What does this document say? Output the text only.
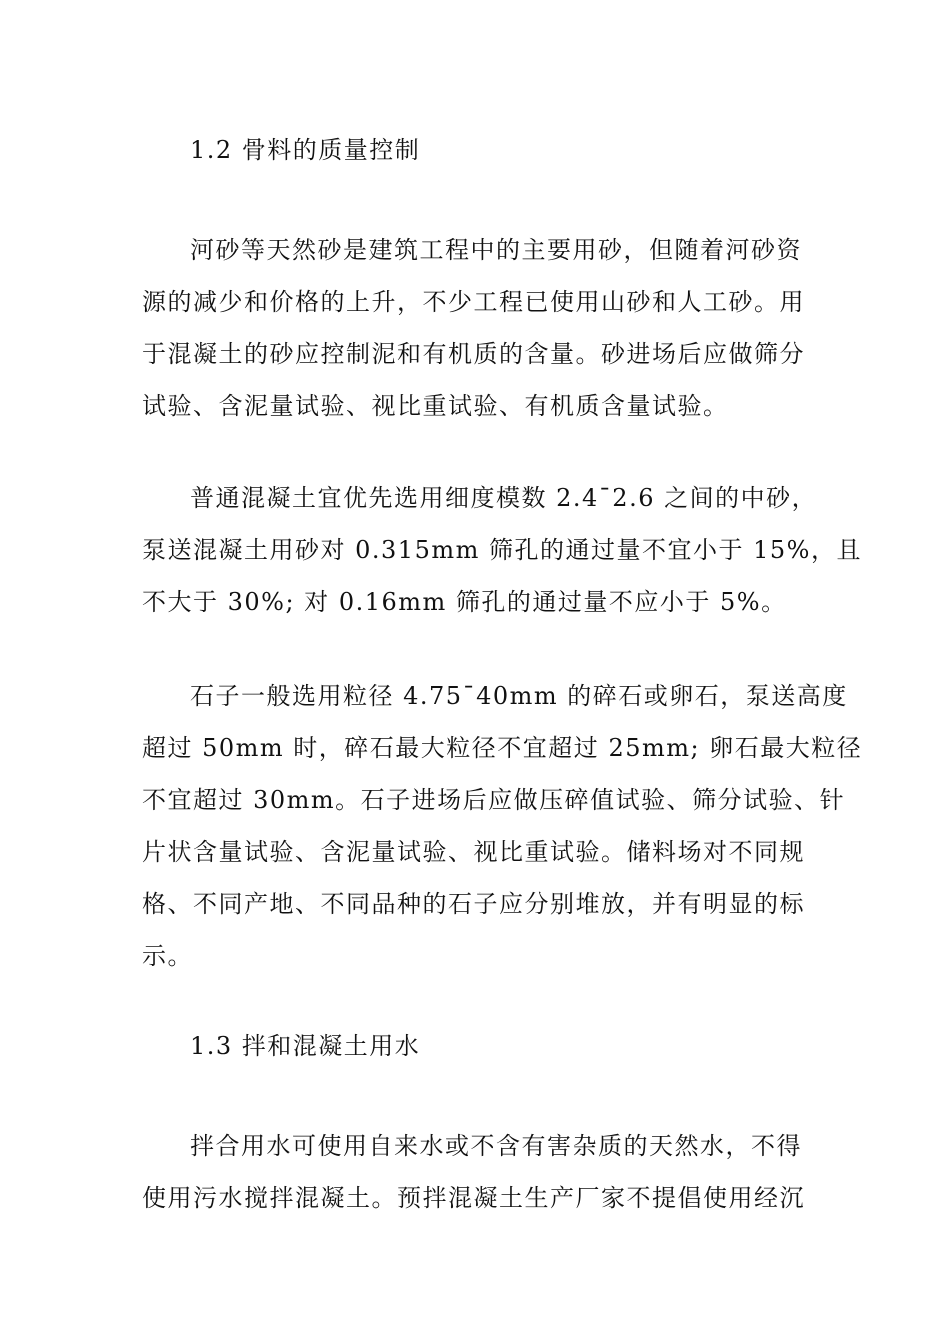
1.2 骨料的质量控制
河砂等天然砂是建筑工程中的主要用砂，但随着河砂资
源的减少和价格的上升，不少工程已使用山砂和人工砂。用
于混凝土的砂应控制泥和有机质的含量。砂进场后应做筛分
试验、含泥量试验、视比重试验、有机质含量试验。
普通混凝土宜优先选用细度模数 2.4¯2.6 之间的中砂，
泵送混凝土用砂对 0.315mm 筛孔的通过量不宜小于 15%，且
不大于 30%; 对 0.16mm 筛孔的通过量不应小于 5%。
石子一般选用粒径 4.75¯40mm 的碎石或卵石，泵送高度
超过 50mm 时，碎石最大粒径不宜超过 25mm; 卵石最大粒径
不宜超过 30mm。石子进场后应做压碎值试验、筛分试验、针
片状含量试验、含泥量试验、视比重试验。储料场对不同规
格、不同产地、不同品种的石子应分别堆放，并有明显的标
示。
1.3 拌和混凝土用水
拌合用水可使用自来水或不含有害杂质的天然水，不得
使用污水搅拌混凝土。预拌混凝土生产厂家不提倡使用经沉
